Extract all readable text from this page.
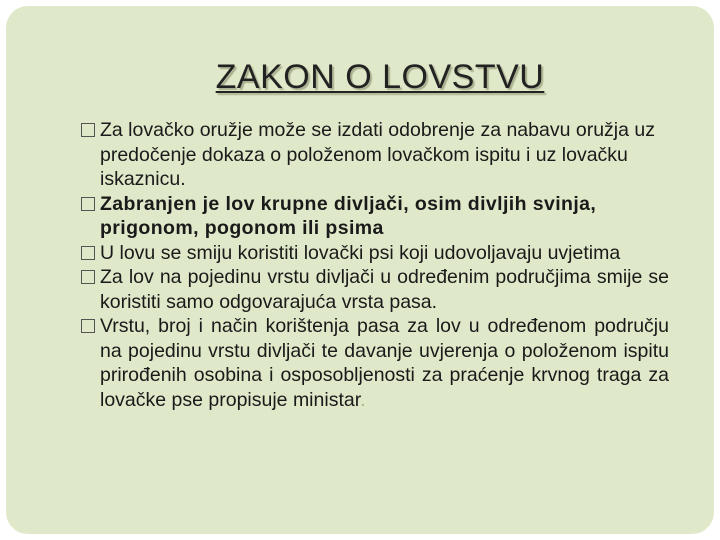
ZAKON O LOVSTVU
Za lovačko oružje može se izdati odobrenje za nabavu oružja uz predočenje dokaza o položenom lovačkom ispitu i uz lovačku iskaznicu.
Zabranjen je lov krupne divljači, osim divljih svinja, prigonom, pogonom ili psima
U lovu se smiju koristiti lovački psi koji udovoljavaju uvjetima
Za lov na pojedinu vrstu divljači u određenim područjima smije se koristiti samo odgovarajuća vrsta pasa.
Vrstu, broj i način korištenja pasa za lov u određenom području na pojedinu vrstu divljači te davanje uvjerenja o položenom ispitu prirođenih osobina i osposobljenosti za praćenje krvnog traga za lovačke pse propisuje ministar.
